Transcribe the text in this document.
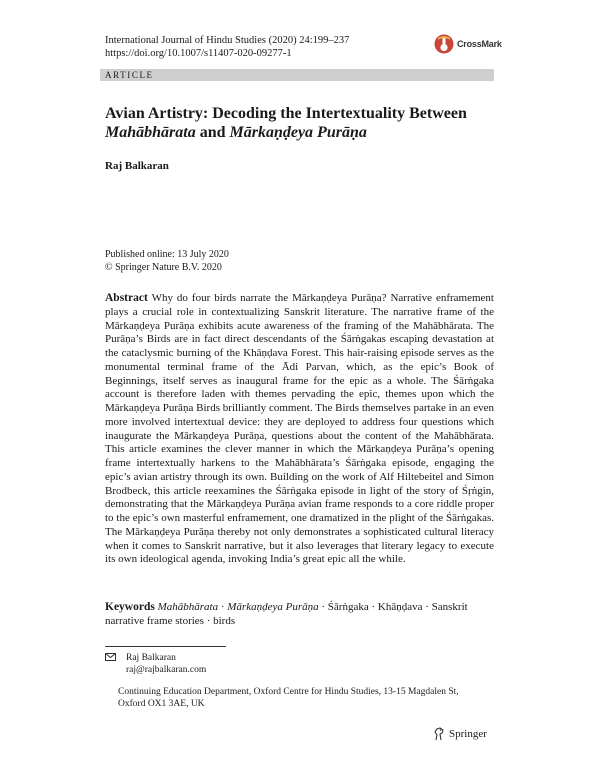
International Journal of Hindu Studies (2020) 24:199–237
https://doi.org/10.1007/s11407-020-09277-1
CrossMark
ARTICLE
Avian Artistry: Decoding the Intertextuality Between
Mahābhārata and Mārkaṇḍeya Purāṇa
Raj Balkaran
Published online: 13 July 2020
© Springer Nature B.V. 2020
Abstract Why do four birds narrate the Mārkaṇḍeya Purāṇa? Narrative enframement plays a crucial role in contextualizing Sanskrit literature. The narrative frame of the Mārkaṇḍeya Purāṇa exhibits acute awareness of the framing of the Mahābhārata. The Purāṇa’s Birds are in fact direct descendants of the Śārṅgakas escaping devastation at the cataclysmic burning of the Khāṇḍava Forest. This hair-raising episode serves as the monumental terminal frame of the Ādi Parvan, which, as the epic’s Book of Beginnings, itself serves as inaugural frame for the epic as a whole. The Śārṅgaka account is therefore laden with themes pervading the epic, themes upon which the Mārkaṇḍeya Purāṇa Birds brilliantly comment. The Birds themselves partake in an even more involved intertextual device: they are deployed to address four questions which inaugurate the Mārkaṇḍeya Purāṇa, questions about the content of the Mahābhārata. This article examines the clever manner in which the Mārkaṇḍeya Purāṇa’s opening frame intertextually harkens to the Mahābhārata’s Śārṅgaka episode, engaging the epic’s avian artistry through its own. Building on the work of Alf Hiltebeitel and Simon Brodbeck, this article reexamines the Śārṅgaka episode in light of the story of Śṛṅgin, demonstrating that the Mārkaṇḍeya Purāṇa avian frame responds to a core riddle proper to the epic’s own masterful enframement, one dramatized in the plight of the Śārṅgakas. The Mārkaṇḍeya Purāṇa thereby not only demonstrates a sophisticated cultural literacy when it comes to Sanskrit narrative, but it also leverages that literary legacy to execute its own ideological agenda, invoking India’s great epic all the while.
Keywords Mahābhārata · Mārkaṇḍeya Purāṇa · Śārṅgaka · Khāṇḍava · Sanskrit narrative frame stories · birds
Raj Balkaran
raj@rajbalkaran.com
Continuing Education Department, Oxford Centre for Hindu Studies, 13-15 Magdalen St,
Oxford OX1 3AE, UK
Springer
